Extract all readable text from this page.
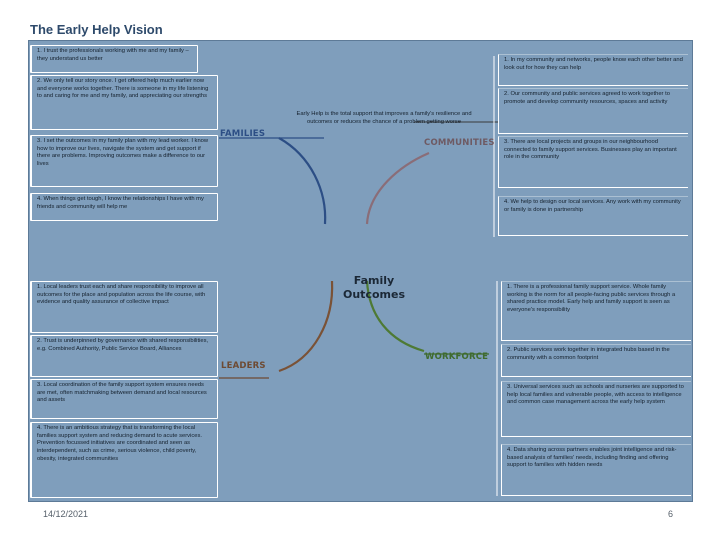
The Early Help Vision
1. I trust the professionals working with me and my family – they understand us better
2. We only tell our story once. I get offered help much earlier now and everyone works together. There is someone in my life listening to and caring for me and my family, and appreciating our strengths
3. I set the outcomes in my family plan with my lead worker. I know how to improve our lives, navigate the system and get support if there are problems. Improving outcomes make a difference to our lives
4. When things get tough, I know the relationships I have with my friends and community will help me
Early Help is the total support that improves a family's resilience and outcomes or reduces the chance of a problem getting worse
1. In my community and networks, people know each other better and look out for how they can help
2. Our community and public services agreed to work together to promote and develop community resources, spaces and activity
3. There are local projects and groups in our neighbourhood connected to family support services. Businesses play an important role in the community
4. We help to design our local services. Any work with my community or family is done in partnership
FAMILIES
COMMUNITIES
LEADERS
WORKFORCE
Family
Outcomes
1. Local leaders trust each and share responsibility to improve all outcomes for the place and population across the life course, with evidence and quality assurance of collective impact
2. Trust is underpinned by governance with shared responsibilities, e.g. Combined Authority, Public Service Board, Alliances
3. Local coordination of the family support system ensures needs are met, often matchmaking between demand and local resources and assets
4. There is an ambitious strategy that is transforming the local families support system and reducing demand to acute services. Prevention focussed initiatives are coordinated and seen as interdependent, such as crime, serious violence, child poverty, obesity, integrated communities
1. There is a professional family support service. Whole family working is the norm for all people-facing public services through a shared practice model. Early help and family support is seen as everyone's responsibility
2. Public services work together in integrated hubs based in the community with a common footprint
3. Universal services such as schools and nurseries are supported to help local families and vulnerable people, with access to intelligence and common case management across the early help system
4. Data sharing across partners enables joint intelligence and risk-based analysis of families' needs, including finding and offering support to families with hidden needs
14/12/2021	6
